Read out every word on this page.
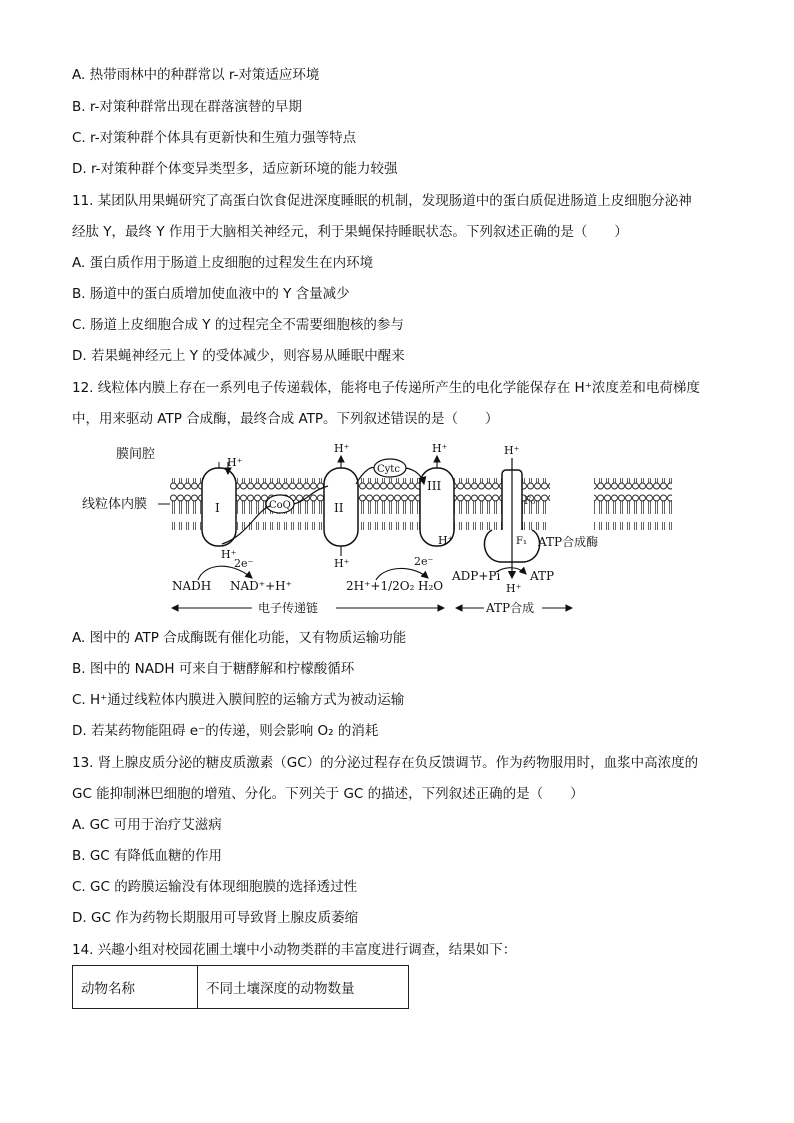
A. 热带雨林中的种群常以 r-对策适应环境
B. r-对策种群常出现在群落演替的早期
C. r-对策种群个体具有更新快和生殖力强等特点
D. r-对策种群个体变异类型多，适应新环境的能力较强
11. 某团队用果蝇研究了高蛋白饮食促进深度睡眠的机制，发现肠道中的蛋白质促进肠道上皮细胞分泌神
经肽 Y，最终 Y 作用于大脑相关神经元，利于果蝇保持睡眠状态。下列叙述正确的是（　　）
A. 蛋白质作用于肠道上皮细胞的过程发生在内环境
B. 肠道中的蛋白质增加使血液中的 Y 含量减少
C. 肠道上皮细胞合成 Y 的过程完全不需要细胞核的参与
D. 若果蝇神经元上 Y 的受体减少，则容易从睡眠中醒来
12. 线粒体内膜上存在一系列电子传递载体，能将电子传递所产生的电化学能保存在 H⁺浓度差和电荷梯度
中，用来驱动 ATP 合成酶，最终合成 ATP。下列叙述错误的是（　　）
膜间腔
线粒体内膜	I
H⁺
H⁺
CoQ	II
H⁺
H⁺
Cytc
III
H⁺
H⁺
H⁺
F₀
F₁ ATP合成酶
H⁺
NADH NAD⁺+H⁺
2e⁻
2H⁺+1/2O₂ H₂O
2e⁻
ADP+Pi ATP
电子传递链	ATP合成
A. 图中的 ATP 合成酶既有催化功能，又有物质运输功能
B. 图中的 NADH 可来自于糖酵解和柠檬酸循环
C. H⁺通过线粒体内膜进入膜间腔的运输方式为被动运输
D. 若某药物能阻碍 e⁻的传递，则会影响 O₂ 的消耗
13. 肾上腺皮质分泌的糖皮质激素（GC）的分泌过程存在负反馈调节。作为药物服用时，血浆中高浓度的
GC 能抑制淋巴细胞的增殖、分化。下列关于 GC 的描述，下列叙述正确的是（　　）
A. GC 可用于治疗艾滋病
B. GC 有降低血糖的作用
C. GC 的跨膜运输没有体现细胞膜的选择透过性
D. GC 作为药物长期服用可导致肾上腺皮质萎缩
14. 兴趣小组对校园花圃土壤中小动物类群的丰富度进行调查，结果如下：
动物名称	不同土壤深度的动物数量
